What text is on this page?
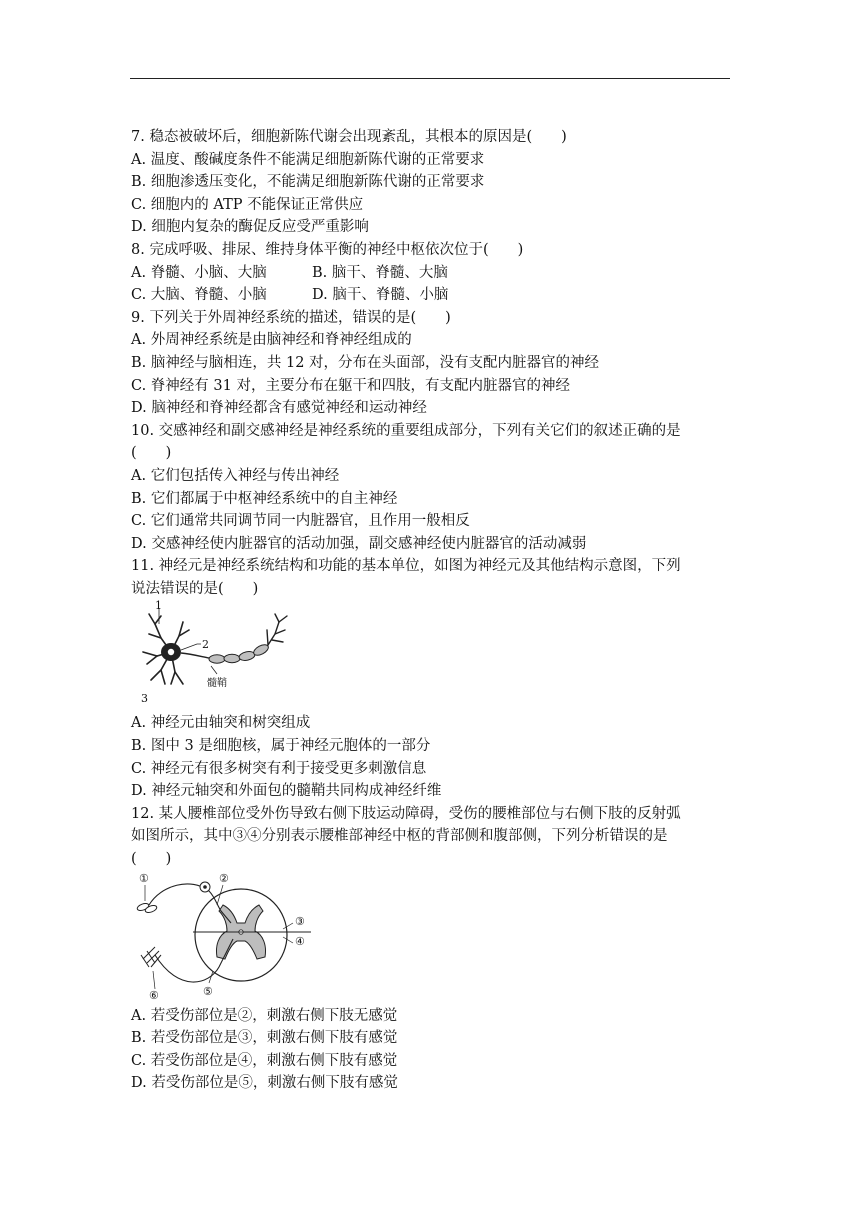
7. 稳态被破坏后，细胞新陈代谢会出现紊乱，其根本的原因是(　　)
A. 温度、酸碱度条件不能满足细胞新陈代谢的正常要求
B. 细胞渗透压变化，不能满足细胞新陈代谢的正常要求
C. 细胞内的 ATP 不能保证正常供应
D. 细胞内复杂的酶促反应受严重影响
8. 完成呼吸、排尿、维持身体平衡的神经中枢依次位于(　　)
A. 脊髓、小脑、大脑	B. 脑干、脊髓、大脑
C. 大脑、脊髓、小脑	D. 脑干、脊髓、小脑
9. 下列关于外周神经系统的描述，错误的是(　　)
A. 外周神经系统是由脑神经和脊神经组成的
B. 脑神经与脑相连，共 12 对，分布在头面部，没有支配内脏器官的神经
C. 脊神经有 31 对，主要分布在躯干和四肢，有支配内脏器官的神经
D. 脑神经和脊神经都含有感觉神经和运动神经
10. 交感神经和副交感神经是神经系统的重要组成部分，下列有关它们的叙述正确的是
(　　)
A. 它们包括传入神经与传出神经
B. 它们都属于中枢神经系统中的自主神经
C. 它们通常共同调节同一内脏器官，且作用一般相反
D. 交感神经使内脏器官的活动加强，副交感神经使内脏器官的活动减弱
11. 神经元是神经系统结构和功能的基本单位，如图为神经元及其他结构示意图，下列
说法错误的是(　　)
1
2
3
髓鞘
A. 神经元由轴突和树突组成
B. 图中 3 是细胞核，属于神经元胞体的一部分
C. 神经元有很多树突有利于接受更多刺激信息
D. 神经元轴突和外面包的髓鞘共同构成神经纤维
12. 某人腰椎部位受外伤导致右侧下肢运动障碍，受伤的腰椎部位与右侧下肢的反射弧
如图所示，其中③④分别表示腰椎部神经中枢的背部侧和腹部侧，下列分析错误的是
(　　)
①	②
③
④
⑤
⑥
A. 若受伤部位是②，刺激右侧下肢无感觉
B. 若受伤部位是③，刺激右侧下肢有感觉
C. 若受伤部位是④，刺激右侧下肢有感觉
D. 若受伤部位是⑤，刺激右侧下肢有感觉
